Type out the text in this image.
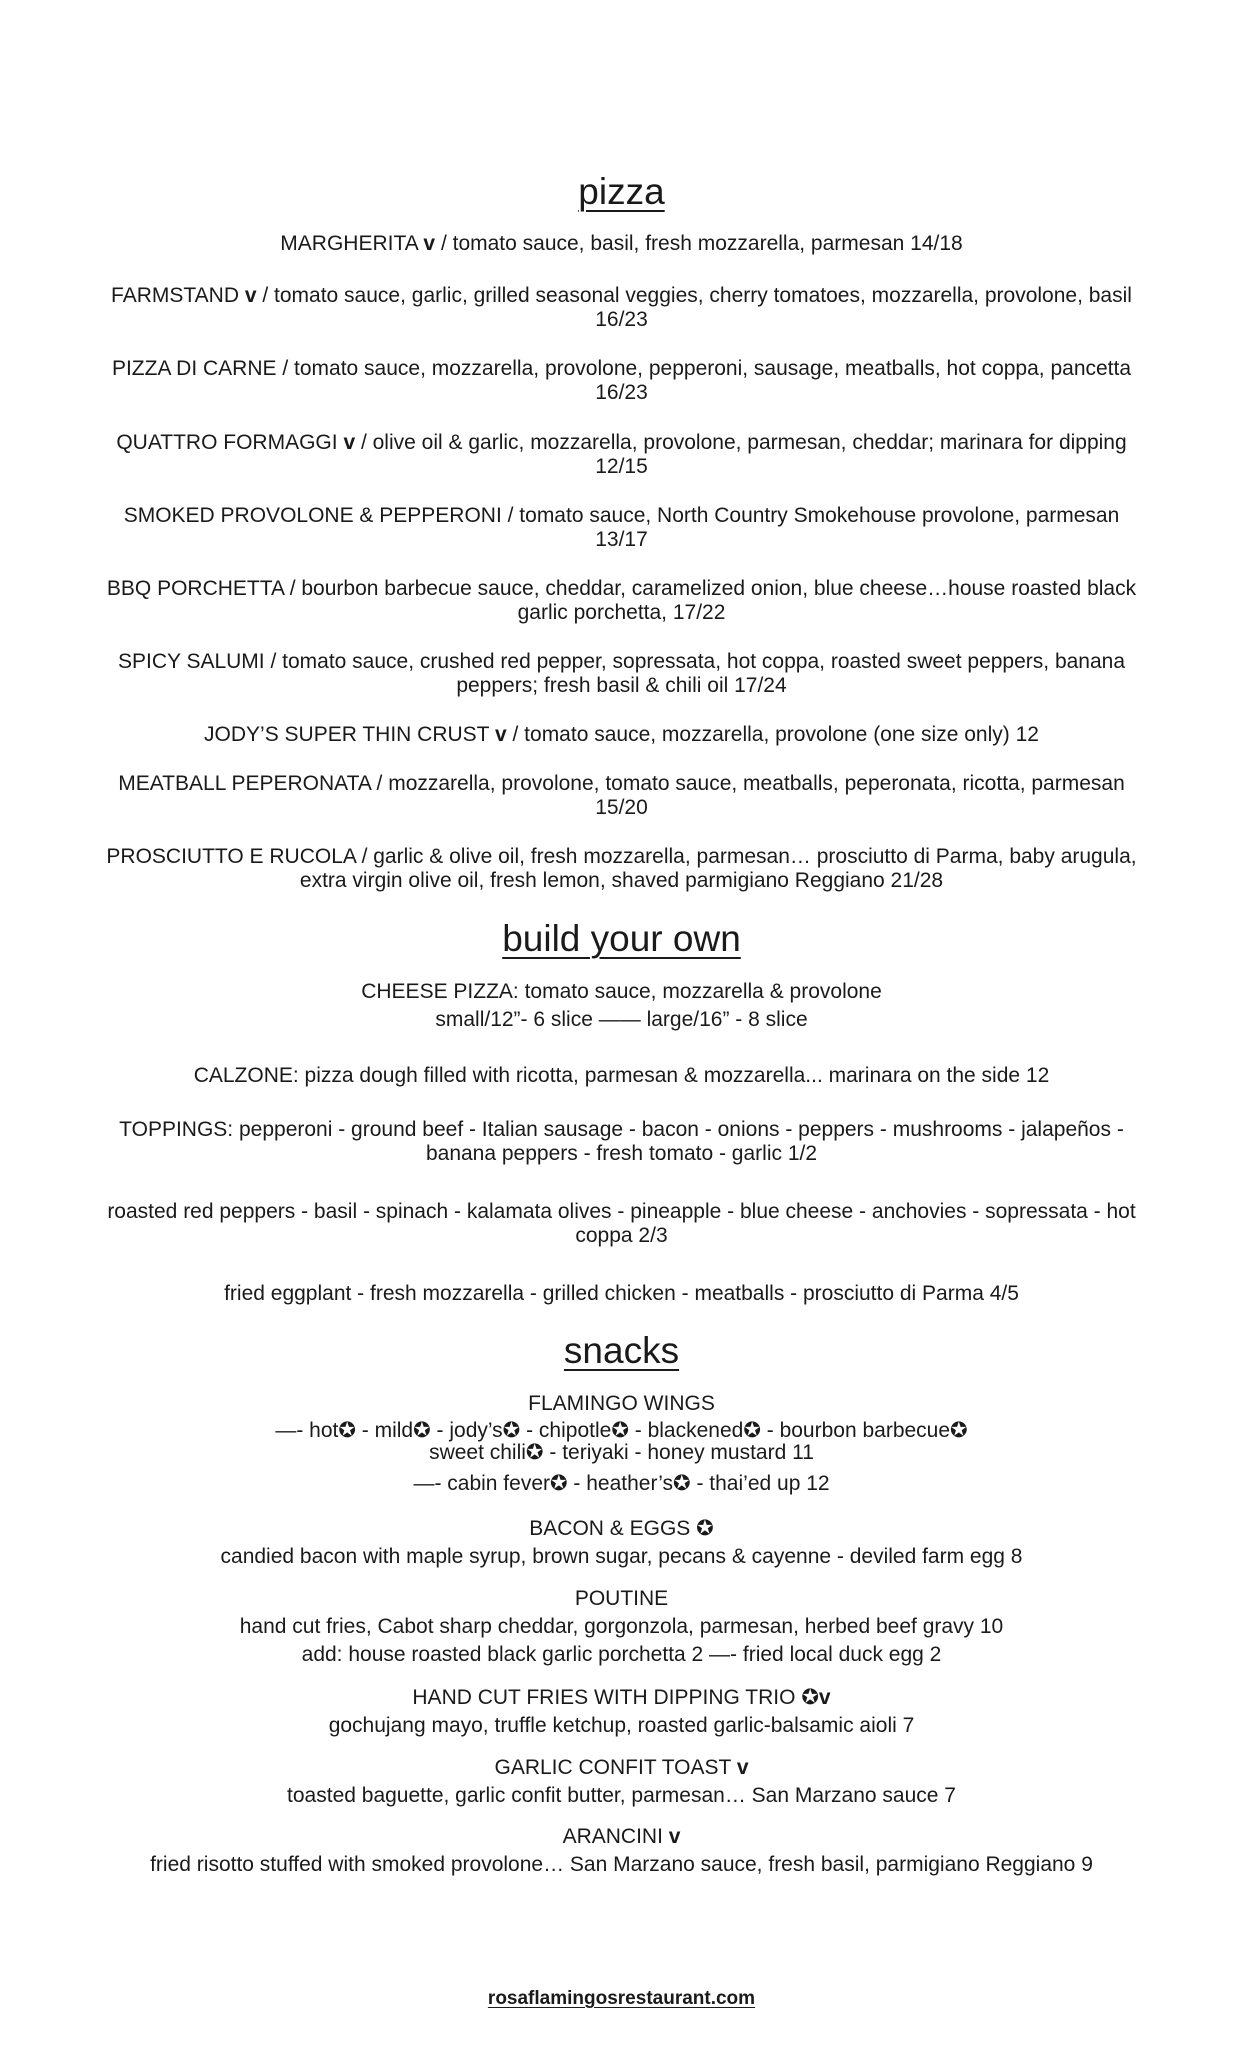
pizza
MARGHERITA v / tomato sauce, basil, fresh mozzarella, parmesan 14/18
FARMSTAND v / tomato sauce, garlic, grilled seasonal veggies, cherry tomatoes, mozzarella, provolone, basil
16/23
PIZZA DI CARNE / tomato sauce, mozzarella, provolone, pepperoni, sausage, meatballs, hot coppa, pancetta
16/23
QUATTRO FORMAGGI v / olive oil & garlic, mozzarella, provolone, parmesan, cheddar; marinara for dipping
12/15
SMOKED PROVOLONE & PEPPERONI / tomato sauce, North Country Smokehouse provolone, parmesan
13/17
BBQ PORCHETTA / bourbon barbecue sauce, cheddar, caramelized onion, blue cheese…house roasted black
garlic porchetta, 17/22
SPICY SALUMI / tomato sauce, crushed red pepper, sopressata, hot coppa, roasted sweet peppers, banana
peppers; fresh basil & chili oil 17/24
JODY’S SUPER THIN CRUST v / tomato sauce, mozzarella, provolone (one size only) 12
MEATBALL PEPERONATA / mozzarella, provolone, tomato sauce, meatballs, peperonata, ricotta, parmesan
15/20
PROSCIUTTO E RUCOLA / garlic & olive oil, fresh mozzarella, parmesan… prosciutto di Parma, baby arugula,
extra virgin olive oil, fresh lemon, shaved parmigiano Reggiano 21/28
build your own
CHEESE PIZZA: tomato sauce, mozzarella & provolone
small/12”- 6 slice —— large/16” - 8 slice
CALZONE: pizza dough filled with ricotta, parmesan & mozzarella... marinara on the side 12
TOPPINGS: pepperoni - ground beef - Italian sausage - bacon - onions - peppers - mushrooms - jalapeños -
banana peppers - fresh tomato - garlic 1/2
roasted red peppers - basil - spinach - kalamata olives - pineapple - blue cheese - anchovies - sopressata - hot
coppa 2/3
fried eggplant - fresh mozzarella - grilled chicken - meatballs - prosciutto di Parma 4/5
snacks
FLAMINGO WINGS
—- hot✪ - mild✪ - jody’s✪ - chipotle✪ - blackened✪ - bourbon barbecue✪
sweet chili✪ - teriyaki - honey mustard 11
—- cabin fever✪ - heather’s✪ - thai’ed up 12
BACON & EGGS ✪
candied bacon with maple syrup, brown sugar, pecans & cayenne - deviled farm egg 8
POUTINE
hand cut fries, Cabot sharp cheddar, gorgonzola, parmesan, herbed beef gravy 10
add: house roasted black garlic porchetta 2 —- fried local duck egg 2
HAND CUT FRIES WITH DIPPING TRIO ✪v
gochujang mayo, truffle ketchup, roasted garlic-balsamic aioli 7
GARLIC CONFIT TOAST v
toasted baguette, garlic confit butter, parmesan… San Marzano sauce 7
ARANCINI v
fried risotto stuffed with smoked provolone… San Marzano sauce, fresh basil, parmigiano Reggiano 9
rosaflamingosrestaurant.com
